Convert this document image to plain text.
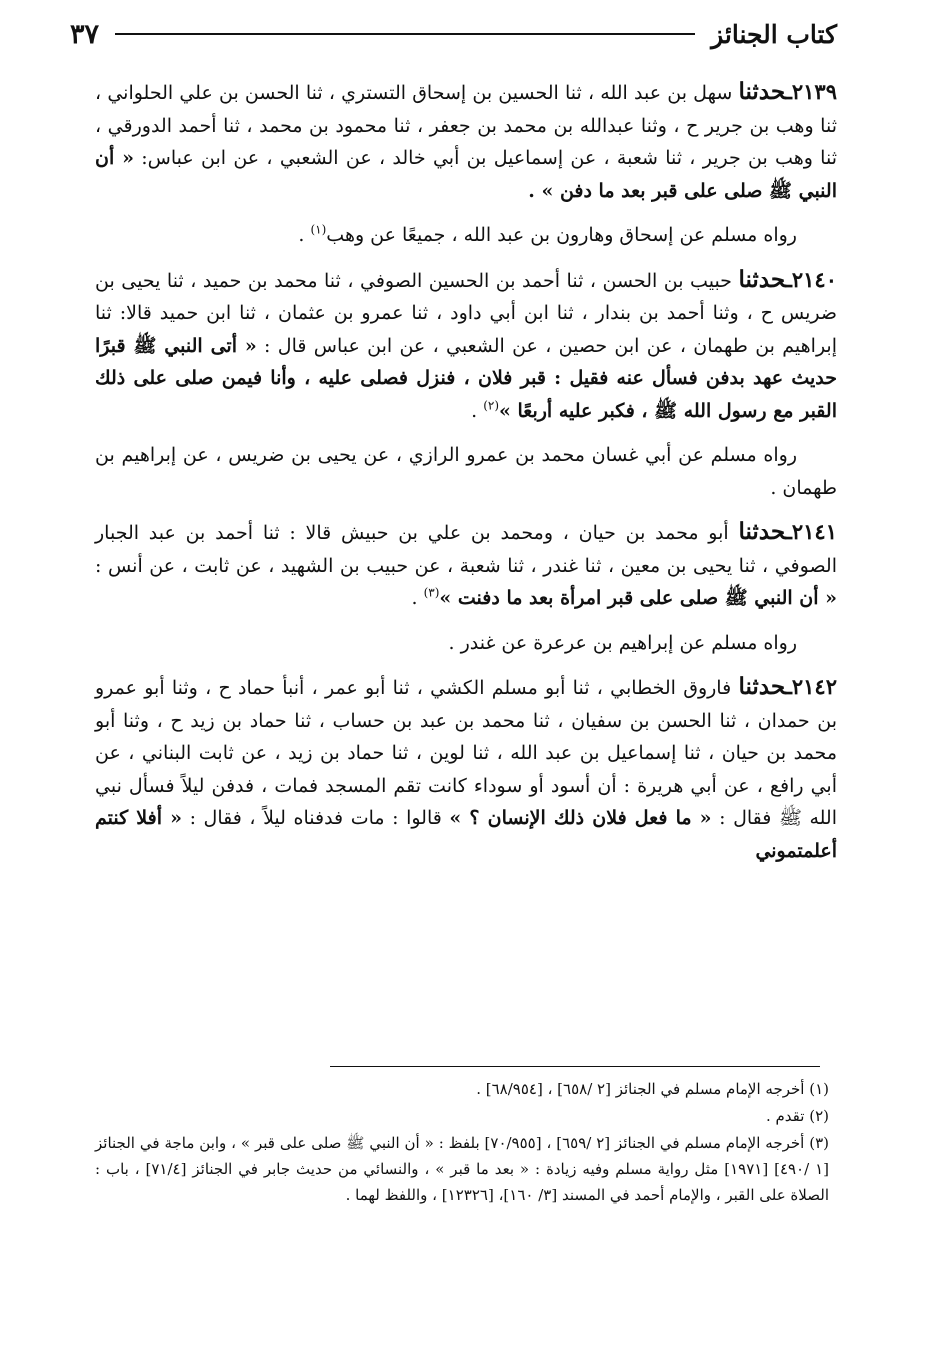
كتاب الجنائز
٣٧

٢١٣٩ـحدثنا سهل بن عبد الله ، ثنا الحسين بن إسحاق التستري ، ثنا الحسن بن علي الحلواني ، ثنا وهب بن جرير ح ، وثنا عبدالله بن محمد بن جعفر ، ثنا محمود بن محمد ، ثنا أحمد الدورقي ، ثنا وهب بن جرير ، ثنا شعبة ، عن إسماعيل بن أبي خالد ، عن الشعبي ، عن ابن عباس: « أن النبي ﷺ صلى على قبر بعد ما دفن » .

رواه مسلم عن إسحاق وهارون بن عبد الله ، جميعًا عن وهب$^{(١)}$ .

٢١٤٠ـحدثنا حبيب بن الحسن ، ثنا أحمد بن الحسين الصوفي ، ثنا محمد بن حميد ، ثنا يحيى بن ضريس ح ، وثنا أحمد بن بندار ، ثنا ابن أبي داود ، ثنا عمرو بن عثمان ، ثنا ابن حميد قالا: ثنا إبراهيم بن طهمان ، عن ابن حصين ، عن الشعبي ، عن ابن عباس قال : « أتى النبي ﷺ قبرًا حديث عهد بدفن فسأل عنه فقيل : قبر فلان ، فنزل فصلى عليه ، وأنا فيمن صلى على ذلك القبر مع رسول الله ﷺ ، فكبر عليه أربعًا »$^{(٢)}$ .

رواه مسلم عن أبي غسان محمد بن عمرو الرازي ، عن يحيى بن ضريس ، عن إبراهيم بن طهمان .

٢١٤١ـحدثنا أبو محمد بن حيان ، ومحمد بن علي بن حبيش قالا : ثنا أحمد بن عبد الجبار الصوفي ، ثنا يحيى بن معين ، ثنا غندر ، ثنا شعبة ، عن حبيب بن الشهيد ، عن ثابت ، عن أنس : « أن النبي ﷺ صلى على قبر امرأة بعد ما دفنت »$^{(٣)}$ .

رواه مسلم عن إبراهيم بن عرعرة عن غندر .

٢١٤٢ـحدثنا فاروق الخطابي ، ثنا أبو مسلم الكشي ، ثنا أبو عمر ، أنبأ حماد ح ، وثنا أبو عمرو بن حمدان ، ثنا الحسن بن سفيان ، ثنا محمد بن عبد بن حساب ، ثنا حماد بن زيد ح ، وثنا أبو محمد بن حيان ، ثنا إسماعيل بن عبد الله ، ثنا لوين ، ثنا حماد بن زيد ، عن ثابت البناني ، عن أبي رافع ، عن أبي هريرة : أن أسود أو سوداء كانت تقم المسجد فمات ، فدفن ليلاً فسأل نبي الله ﷺ فقال : « ما فعل فلان ذلك الإنسان ؟ » قالوا : مات فدفناه ليلاً ، فقال : « أفلا كنتم أعلمتموني

(١) أخرجه الإمام مسلم في الجنائز [٢ /٦٥٨] ، [٦٨/٩٥٤] .

(٢) تقدم .

(٣) أخرجه الإمام مسلم في الجنائز [٢ /٦٥٩] ، [٧٠/٩٥٥] بلفظ : « أن النبي ﷺ صلى على قبر » ، وابن ماجة في الجنائز [١ /٤٩٠] [١٩٧١] مثل رواية مسلم وفيه زيادة : « بعد ما قبر » ، والنسائي من حديث جابر في الجنائز [٧١/٤] ، باب : الصلاة على القبر ، والإمام أحمد في المسند [٣/ ١٦٠]، [١٢٣٢٦] ، واللفظ لهما .
